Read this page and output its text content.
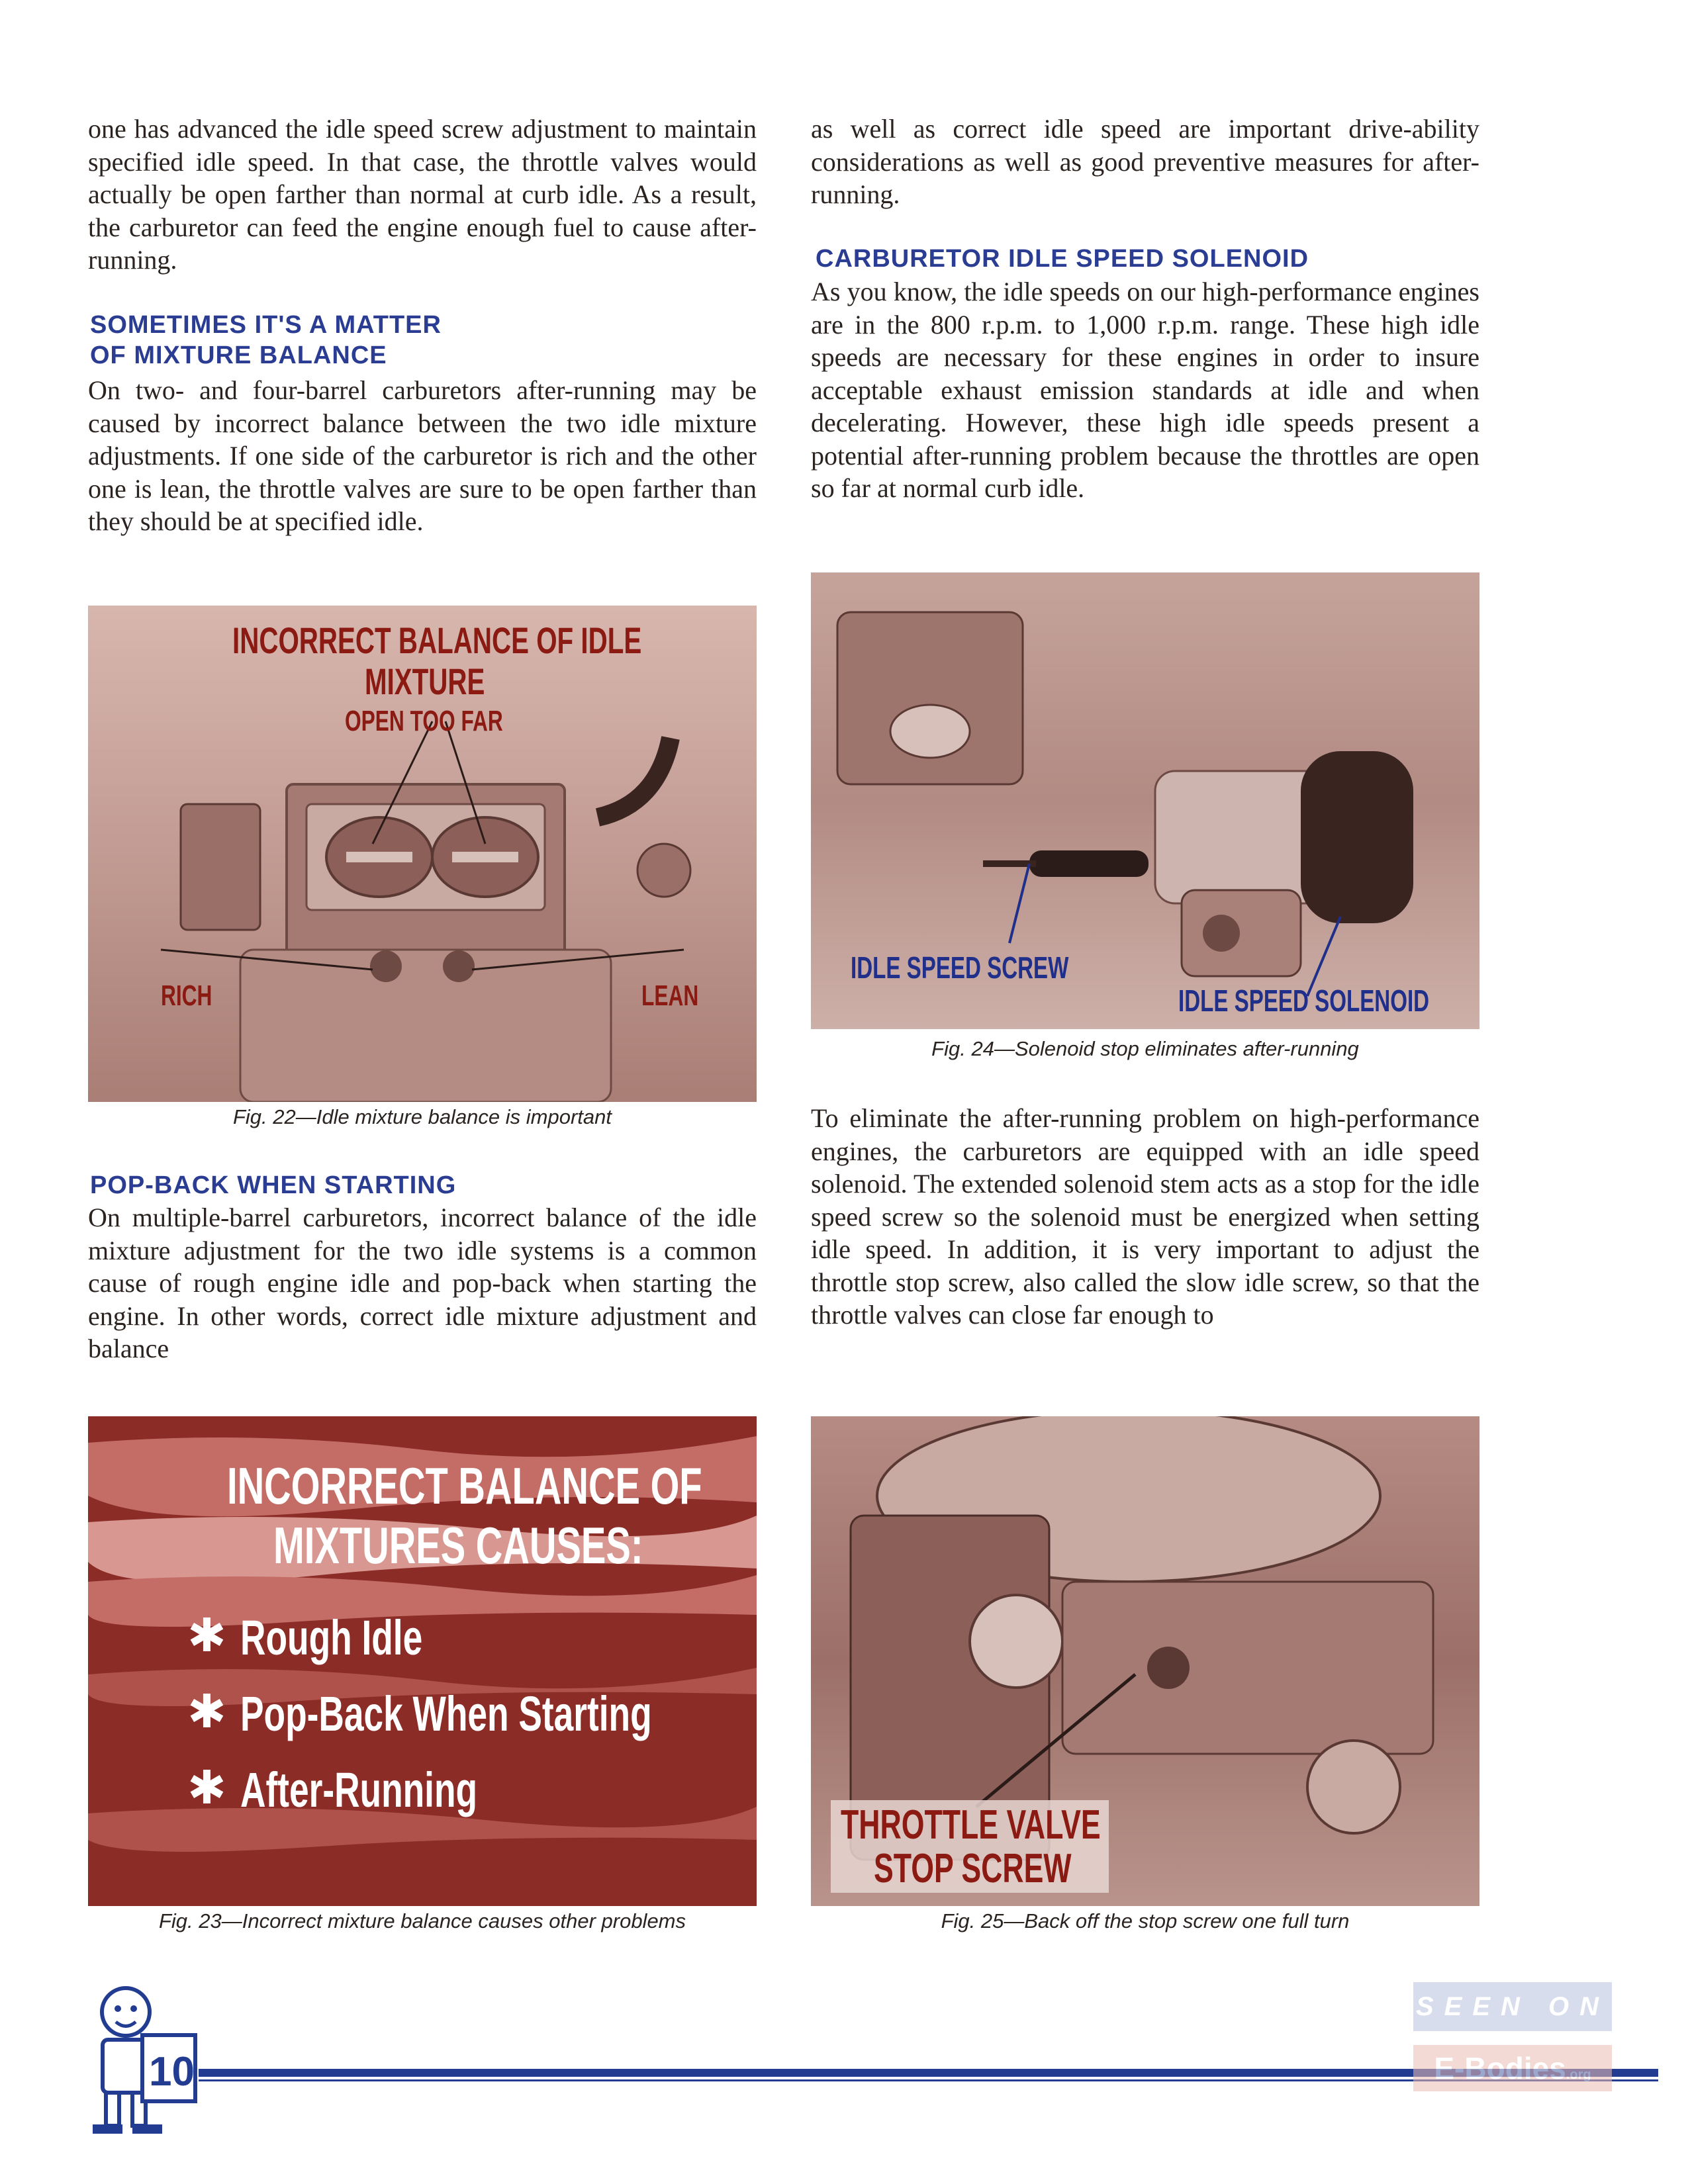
one has advanced the idle speed screw adjustment to maintain specified idle speed. In that case, the throttle valves would actually be open farther than normal at curb idle. As a result, the carburetor can feed the engine enough fuel to cause after-running.

SOMETIMES IT'S A MATTER
OF MIXTURE BALANCE

On two- and four-barrel carburetors after-running may be caused by incorrect balance between the two idle mixture adjustments. If one side of the carburetor is rich and the other one is lean, the throttle valves are sure to be open farther than they should be at specified idle.

INCORRECT BALANCE OF IDLE
MIXTURE
OPEN TOO FAR
RICH	LEAN
Fig. 22—Idle mixture balance is important
POP-BACK WHEN STARTING

On multiple-barrel carburetors, incorrect balance of the idle mixture adjustment for the two idle systems is a common cause of rough engine idle and pop-back when starting the engine. In other words, correct idle mixture adjustment and balance

INCORRECT BALANCE OF
MIXTURES CAUSES:
✱ Rough Idle
✱ Pop-Back When Starting
✱ After-Running
Fig. 23—Incorrect mixture balance causes other problems

as well as correct idle speed are important drive-ability considerations as well as good preventive measures for after-running.

CARBURETOR IDLE SPEED SOLENOID

As you know, the idle speeds on our high-performance engines are in the 800 r.p.m. to 1,000 r.p.m. range. These high idle speeds are necessary for these engines in order to insure acceptable exhaust emission standards at idle and when decelerating. However, these high idle speeds present a potential after-running problem because the throttles are open so far at normal curb idle.

IDLE SPEED SCREW
IDLE SPEED SOLENOID
Fig. 24—Solenoid stop eliminates after-running

To eliminate the after-running problem on high-performance engines, the carburetors are equipped with an idle speed solenoid. The extended solenoid stem acts as a stop for the idle speed screw so the solenoid must be energized when setting idle speed. In addition, it is very important to adjust the throttle stop screw, also called the slow idle screw, so that the throttle valves can close far enough to

THROTTLE VALVE
STOP SCREW
Fig. 25—Back off the stop screw one full turn
10
SEEN ON
E-Bodies.org
